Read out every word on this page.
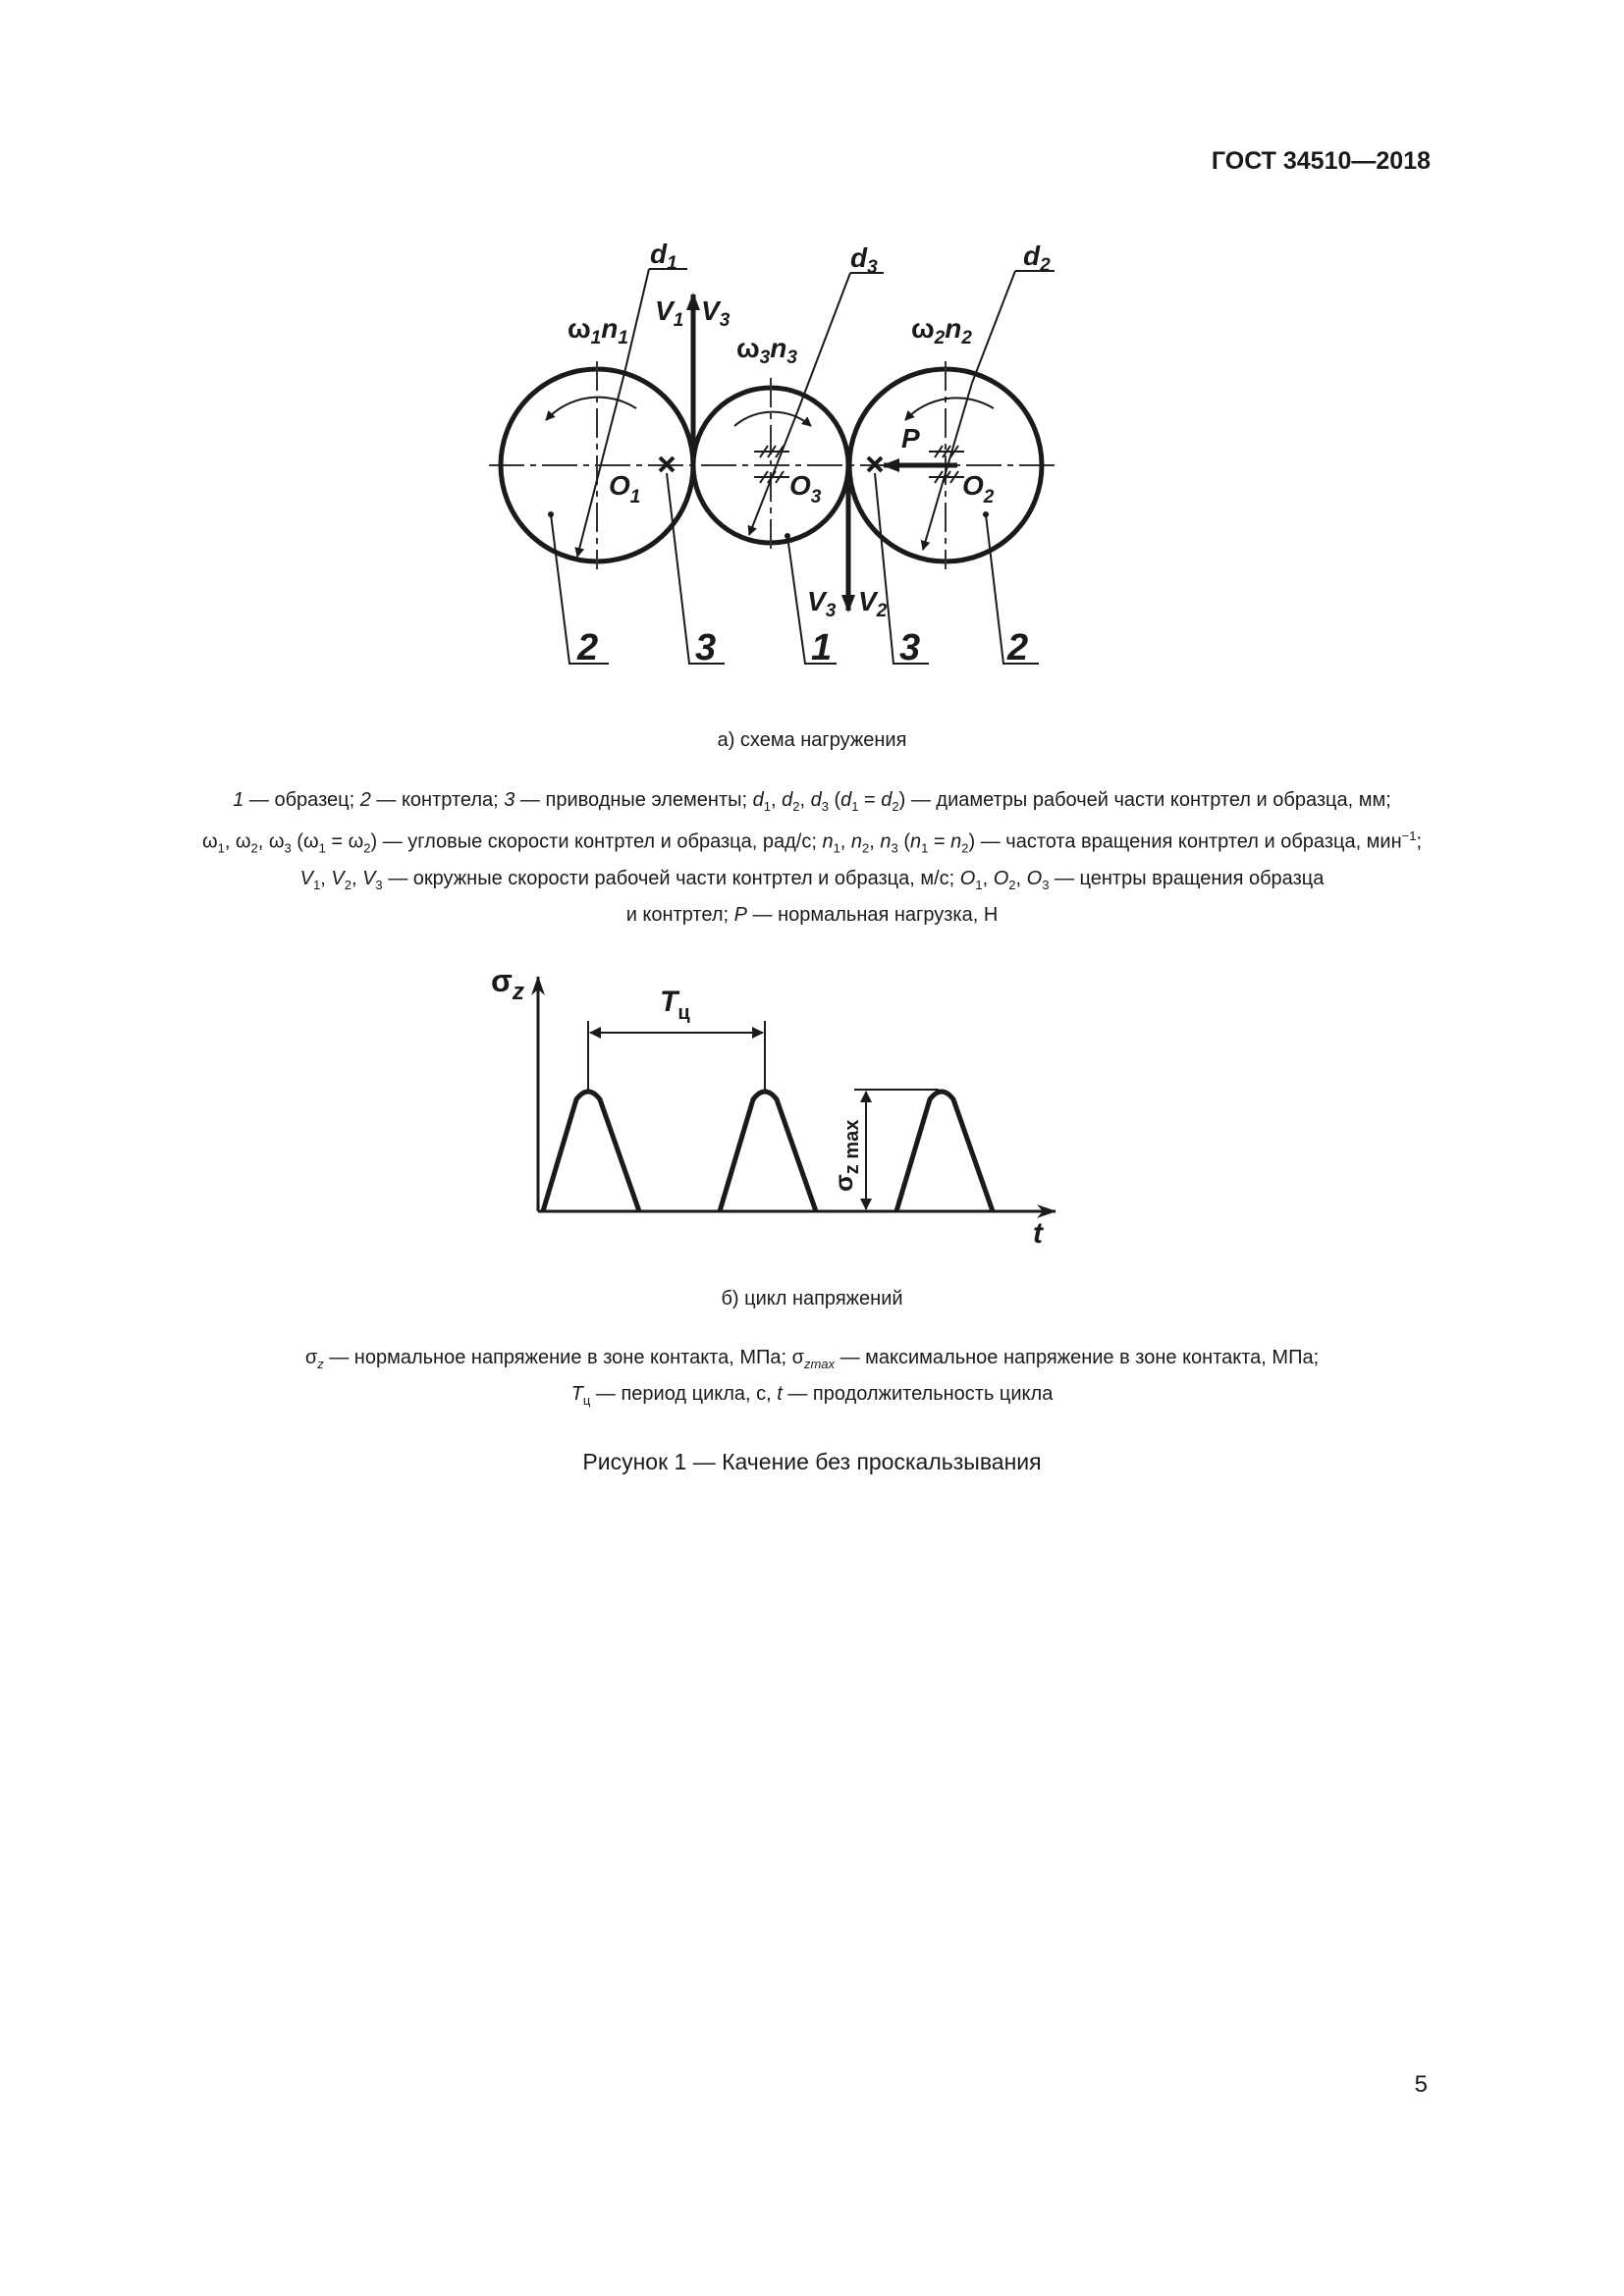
ГОСТ 34510—2018
$d_1$	$d_3$	$d_2$
$\omega_1n_1$	$\omega_3n_3$
$\omega_2n_2$
$V_1$ $V_3$
$V_3$ $V_2$
$O_1$	$O_3$	$O_2$
P
2	3	1 3 2
а) схема нагружения
1 — образец; 2 — контртела; 3 — приводные элементы; $d_1$, $d_2$, $d_3$ $(d_1 = d_2)$ — диаметры рабочей части контртел и образца, мм;
$\omega_1$, $\omega_2$, $\omega_3$ $(\omega_1 = \omega_2)$ — угловые скорости контртел и образца, рад/с; $n_1$, $n_2$, $n_3$ $(n_1 = n_2)$ — частота вращения контртел и образца, мин$^{-1}$;
$V_1$, $V_2$, $V_3$ — окружные скорости рабочей части контртел и образца, м/с; $O_1$, $O_2$, $O_3$ — центры вращения образца
и контртел; P — нормальная нагрузка, Н
$\sigma_z$
t
$T_ц$
$\sigma_{z max}$
б) цикл напряжений
$\sigma_z$ — нормальное напряжение в зоне контакта, МПа; $\sigma_{zmax}$ — максимальное напряжение в зоне контакта, МПа;
$T_ц$ — период цикла, с, t — продолжительность цикла
Рисунок 1 — Качение без проскальзывания
5
